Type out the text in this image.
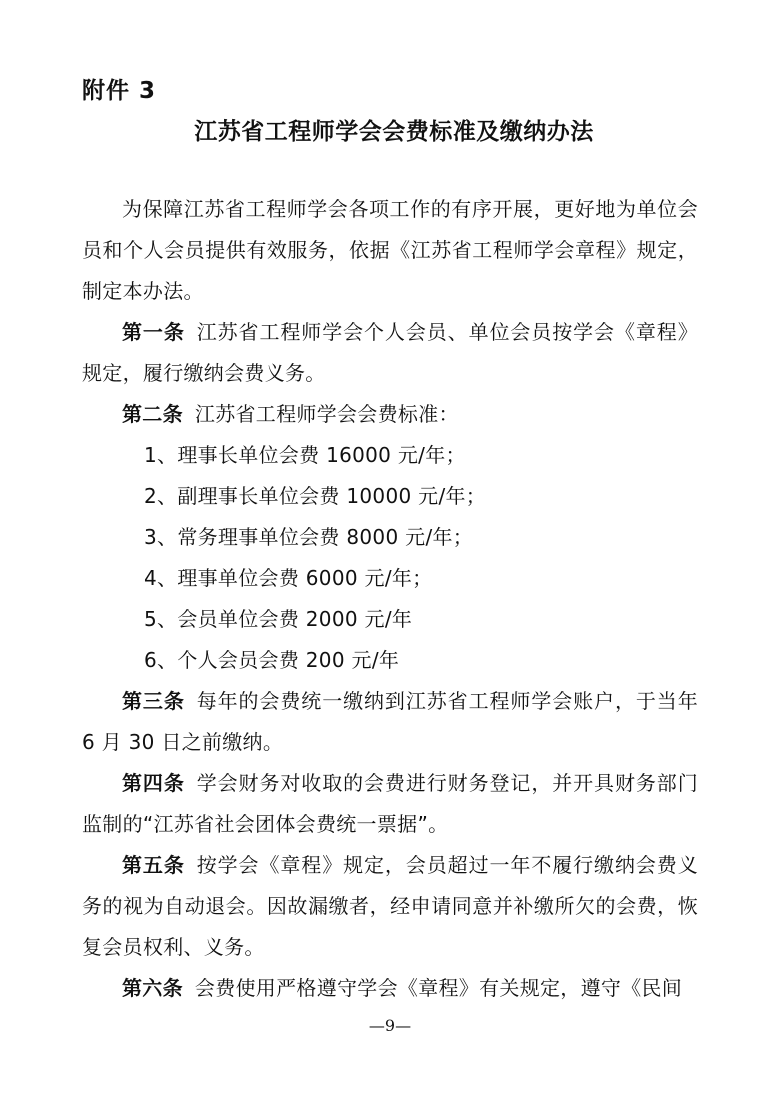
附件 3
江苏省工程师学会会费标准及缴纳办法

为保障江苏省工程师学会各项工作的有序开展，更好地为单位会员和个人会员提供有效服务，依据《江苏省工程师学会章程》规定，制定本办法。

第一条 江苏省工程师学会个人会员、单位会员按学会《章程》规定，履行缴纳会费义务。

第二条 江苏省工程师学会会费标准：

1、理事长单位会费 16000 元/年；

2、副理事长单位会费 10000 元/年；

3、常务理事单位会费 8000 元/年；

4、理事单位会费 6000 元/年；

5、会员单位会费 2000 元/年

6、个人会员会费 200 元/年

第三条 每年的会费统一缴纳到江苏省工程师学会账户，于当年 6 月 30 日之前缴纳。

第四条 学会财务对收取的会费进行财务登记，并开具财务部门监制的“江苏省社会团体会费统一票据”。

第五条 按学会《章程》规定，会员超过一年不履行缴纳会费义务的视为自动退会。因故漏缴者，经申请同意并补缴所欠的会费，恢复会员权利、义务。

第六条 会费使用严格遵守学会《章程》有关规定，遵守《民间

—9—
